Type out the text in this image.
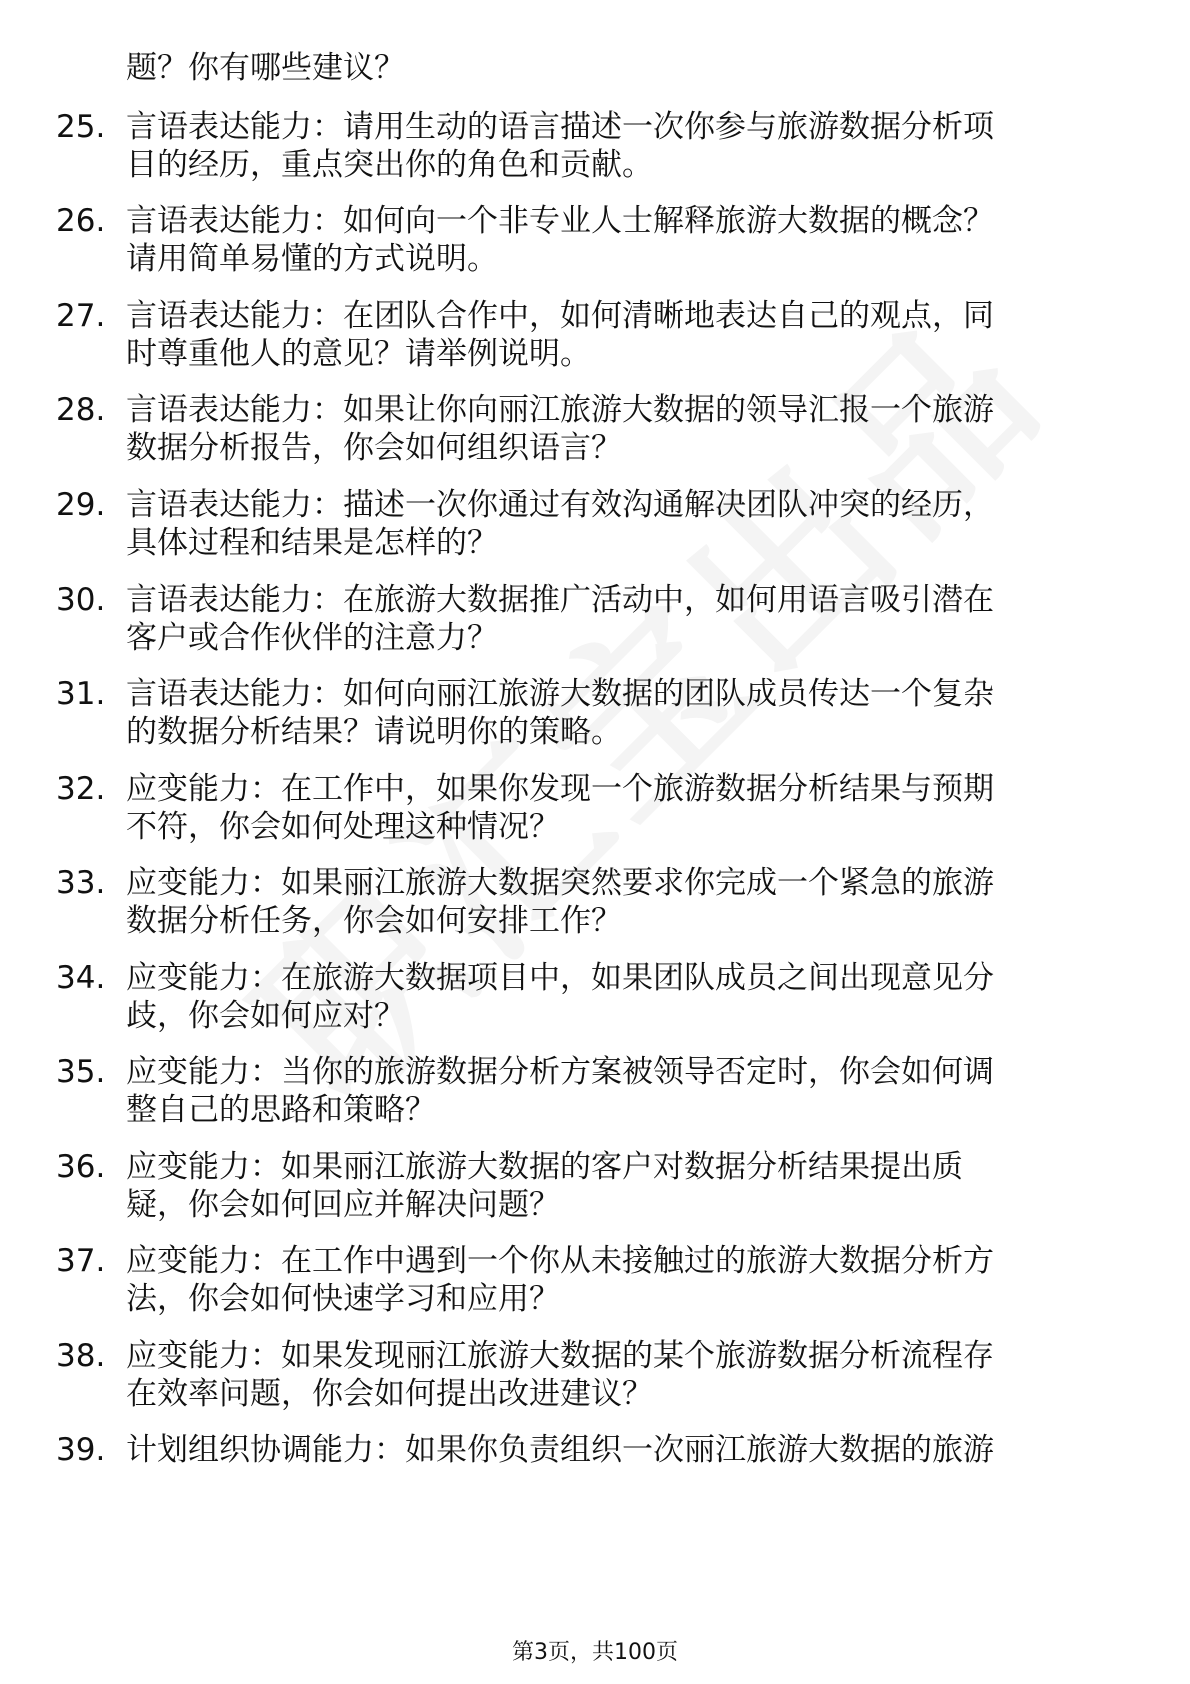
题？你有哪些建议？
25. 言语表达能力：请用生动的语言描述一次你参与旅游数据分析项
目的经历，重点突出你的角色和贡献。
26. 言语表达能力：如何向一个非专业人士解释旅游大数据的概念？
请用简单易懂的方式说明。
27. 言语表达能力：在团队合作中，如何清晰地表达自己的观点，同
时尊重他人的意见？请举例说明。
28. 言语表达能力：如果让你向丽江旅游大数据的领导汇报一个旅游
数据分析报告，你会如何组织语言？
29. 言语表达能力：描述一次你通过有效沟通解决团队冲突的经历，
具体过程和结果是怎样的？
30. 言语表达能力：在旅游大数据推广活动中，如何用语言吸引潜在
客户或合作伙伴的注意力？
31. 言语表达能力：如何向丽江旅游大数据的团队成员传达一个复杂
的数据分析结果？请说明你的策略。
32. 应变能力：在工作中，如果你发现一个旅游数据分析结果与预期
不符，你会如何处理这种情况？
33. 应变能力：如果丽江旅游大数据突然要求你完成一个紧急的旅游
数据分析任务，你会如何安排工作？
34. 应变能力：在旅游大数据项目中，如果团队成员之间出现意见分
歧，你会如何应对？
35. 应变能力：当你的旅游数据分析方案被领导否定时，你会如何调
整自己的思路和策略？
36. 应变能力：如果丽江旅游大数据的客户对数据分析结果提出质
疑，你会如何回应并解决问题？
37. 应变能力：在工作中遇到一个你从未接触过的旅游大数据分析方
法，你会如何快速学习和应用？
38. 应变能力：如果发现丽江旅游大数据的某个旅游数据分析流程存
在效率问题，你会如何提出改进建议？
39. 计划组织协调能力：如果你负责组织一次丽江旅游大数据的旅游
第3页，共100页
